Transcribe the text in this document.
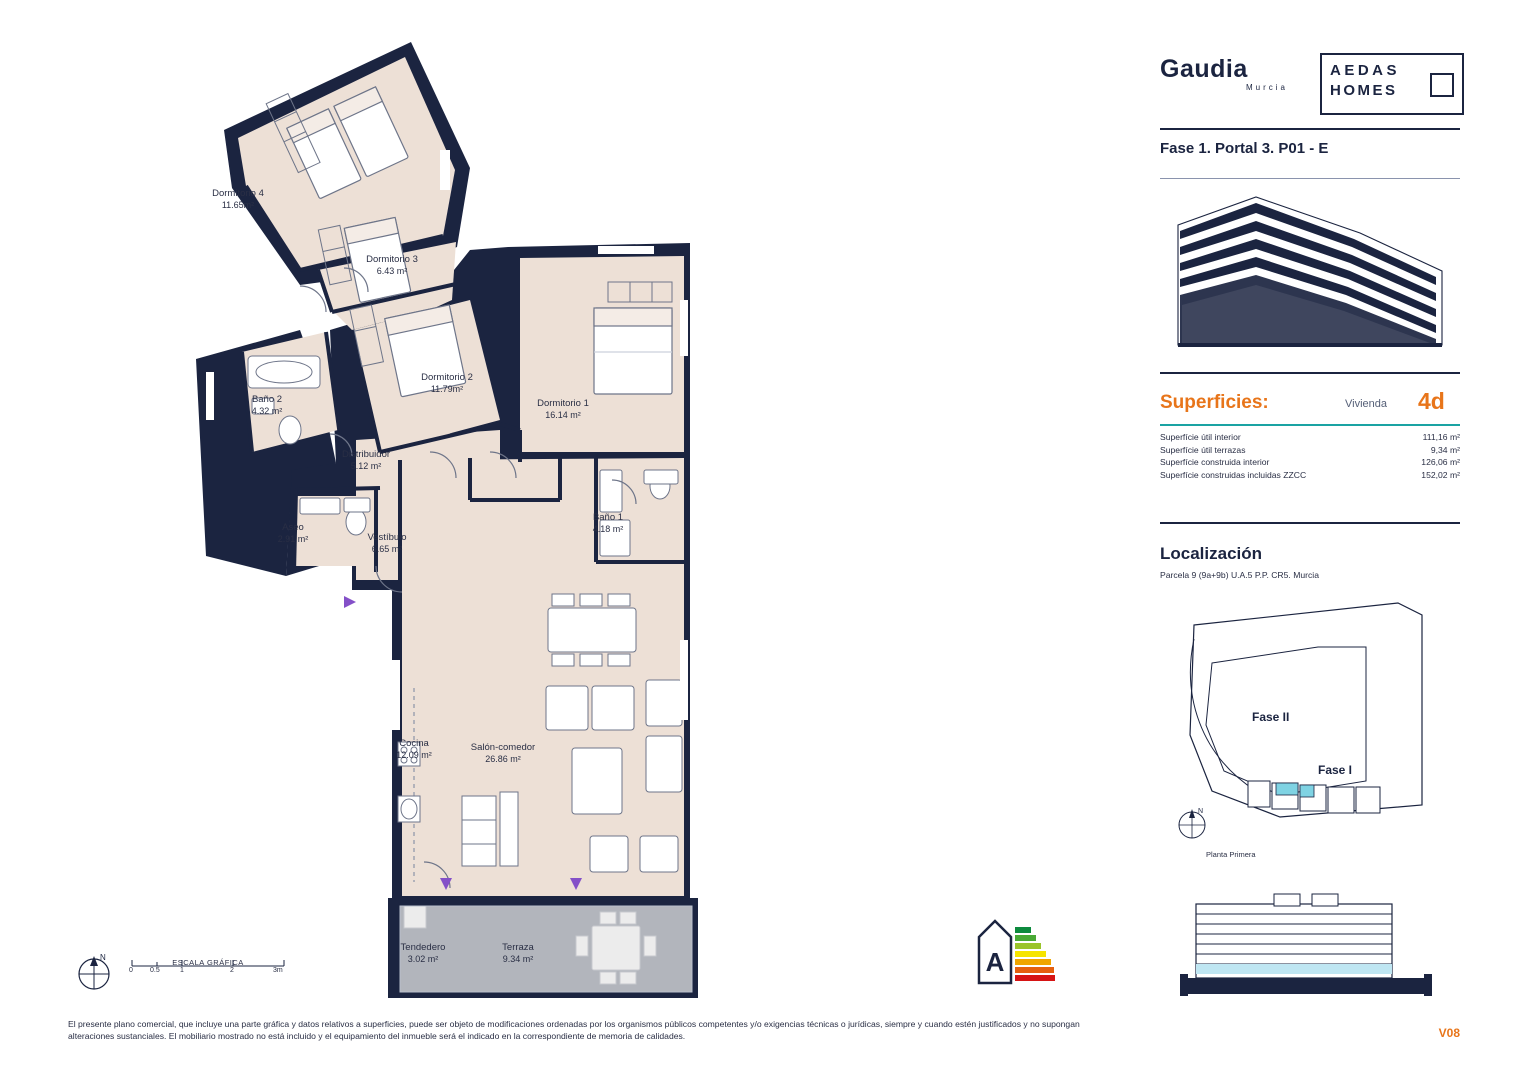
Dormitorio 4
11.65m²
Dormitorio 3
6.43 m²
Dormitorio 2
11.79m²
Dormitorio 1
16.14 m²
Baño 2
4.32 m²
Baño 1
4.18 m²
Distribuidor
5.12 m²
Aseo
2.91 m²	Vestíbulo
6.65 m²
Cocina
12.09 m²
Salón-comedor
26.86 m²
Tendedero
3.02 m²
Terraza
9.34 m²
N
ESCALA GRÁFICA
0 0.5	1	2	3m	A
El presente plano comercial, que incluye una parte gráfica y datos relativos a superficies, puede ser objeto de modificaciones ordenadas por los organismos públicos competentes y/o exigencias técnicas o jurídicas, siempre y cuando estén justificados y no supongan alteraciones sustanciales. El mobiliario mostrado no está incluido y el equipamiento del inmueble será el indicado en la correspondiente de memoria de calidades.
Gaudia
Murcia
AEDAS
HOMES
Fase 1. Portal 3. P01 - E
Superficies:	Vivienda 4d
Superfície útil interior	111,16 m²
Superfície útil terrazas	9,34 m²
Superfície construida interior	126,06 m²
Superfície construidas incluidas ZZCC	152,02 m²
Localización
Parcela 9 (9a+9b) U.A.5 P.P. CR5. Murcia
N
Fase II
Fase I
Planta Primera
V08
